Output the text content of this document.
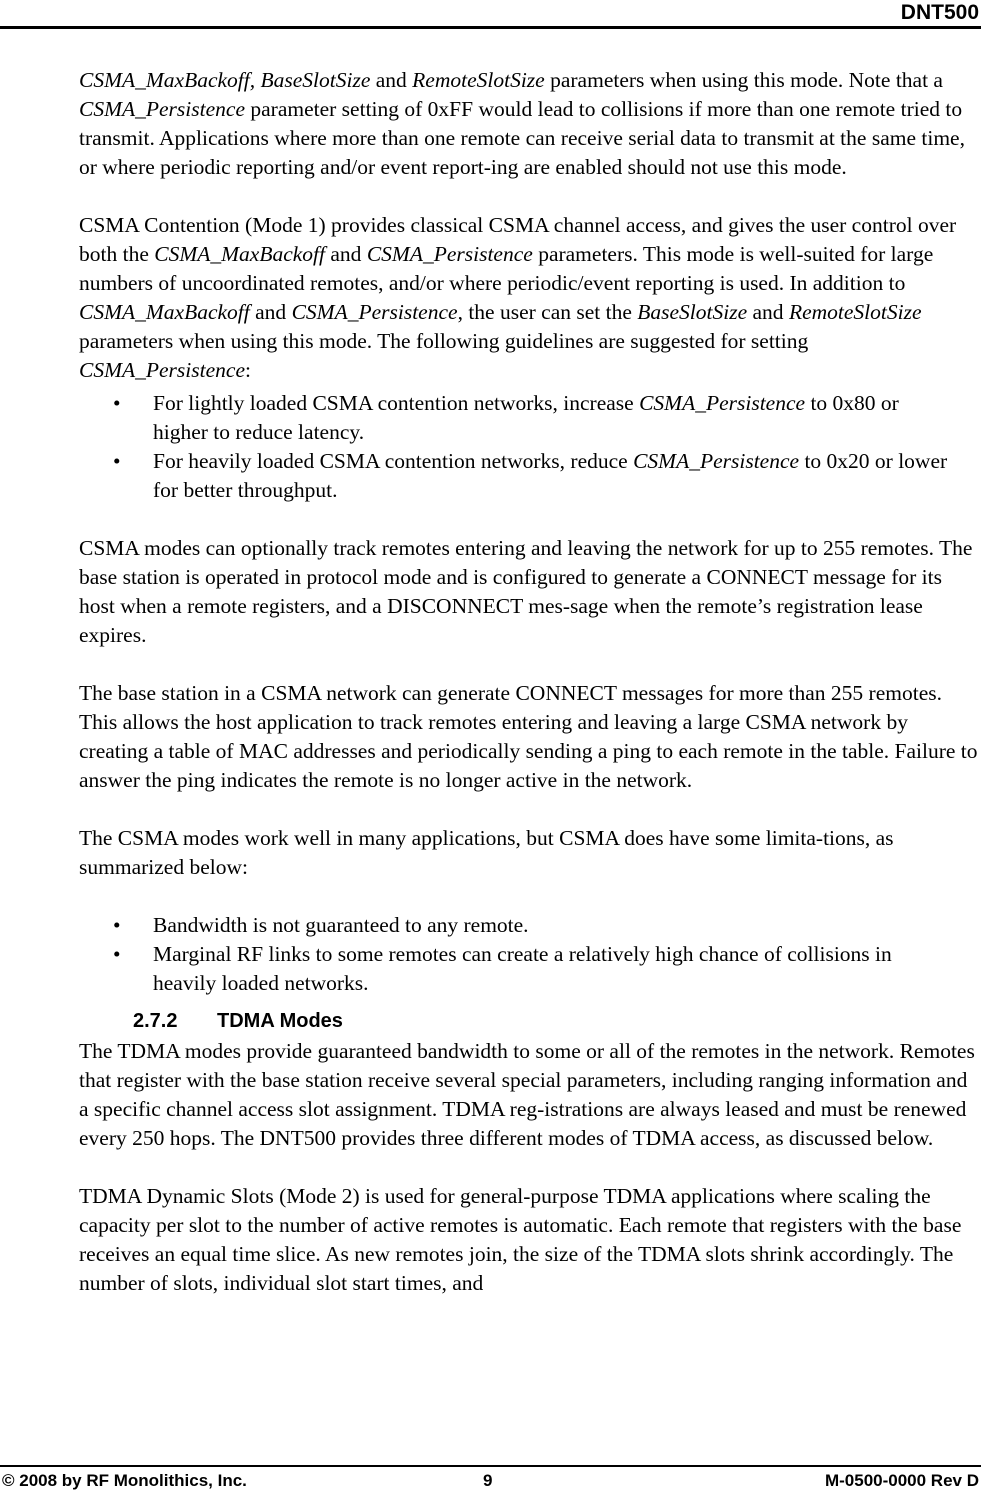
DNT500

CSMA_MaxBackoff, BaseSlotSize and RemoteSlotSize parameters when using this mode. Note that a CSMA_Persistence parameter setting of 0xFF would lead to collisions if more than one remote tried to transmit. Applications where more than one remote can receive serial data to transmit at the same time, or where periodic reporting and/or event report-ing are enabled should not use this mode.

CSMA Contention (Mode 1) provides classical CSMA channel access, and gives the user control over both the CSMA_MaxBackoff and CSMA_Persistence parameters. This mode is well-suited for large numbers of uncoordinated remotes, and/or where periodic/event reporting is used. In addition to CSMA_MaxBackoff and CSMA_Persistence, the user can set the BaseSlotSize and RemoteSlotSize parameters when using this mode. The following guidelines are suggested for setting CSMA_Persistence:

• For lightly loaded CSMA contention networks, increase CSMA_Persistence to 0x80 or higher to reduce latency.
• For heavily loaded CSMA contention networks, reduce CSMA_Persistence to 0x20 or lower for better throughput.

CSMA modes can optionally track remotes entering and leaving the network for up to 255 remotes. The base station is operated in protocol mode and is configured to generate a CONNECT message for its host when a remote registers, and a DISCONNECT mes-sage when the remote’s registration lease expires.

The base station in a CSMA network can generate CONNECT messages for more than 255 remotes. This allows the host application to track remotes entering and leaving a large CSMA network by creating a table of MAC addresses and periodically sending a ping to each remote in the table. Failure to answer the ping indicates the remote is no longer active in the network.

The CSMA modes work well in many applications, but CSMA does have some limita-tions, as summarized below:

• Bandwidth is not guaranteed to any remote.
• Marginal RF links to some remotes can create a relatively high chance of collisions in heavily loaded networks.
2.7.2 TDMA Modes

The TDMA modes provide guaranteed bandwidth to some or all of the remotes in the network. Remotes that register with the base station receive several special parameters, including ranging information and a specific channel access slot assignment. TDMA reg-istrations are always leased and must be renewed every 250 hops. The DNT500 provides three different modes of TDMA access, as discussed below.

TDMA Dynamic Slots (Mode 2) is used for general-purpose TDMA applications where scaling the capacity per slot to the number of active remotes is automatic. Each remote that registers with the base receives an equal time slice. As new remotes join, the size of the TDMA slots shrink accordingly. The number of slots, individual slot start times, and

© 2008 by RF Monolithics, Inc.	9	M-0500-0000 Rev D
